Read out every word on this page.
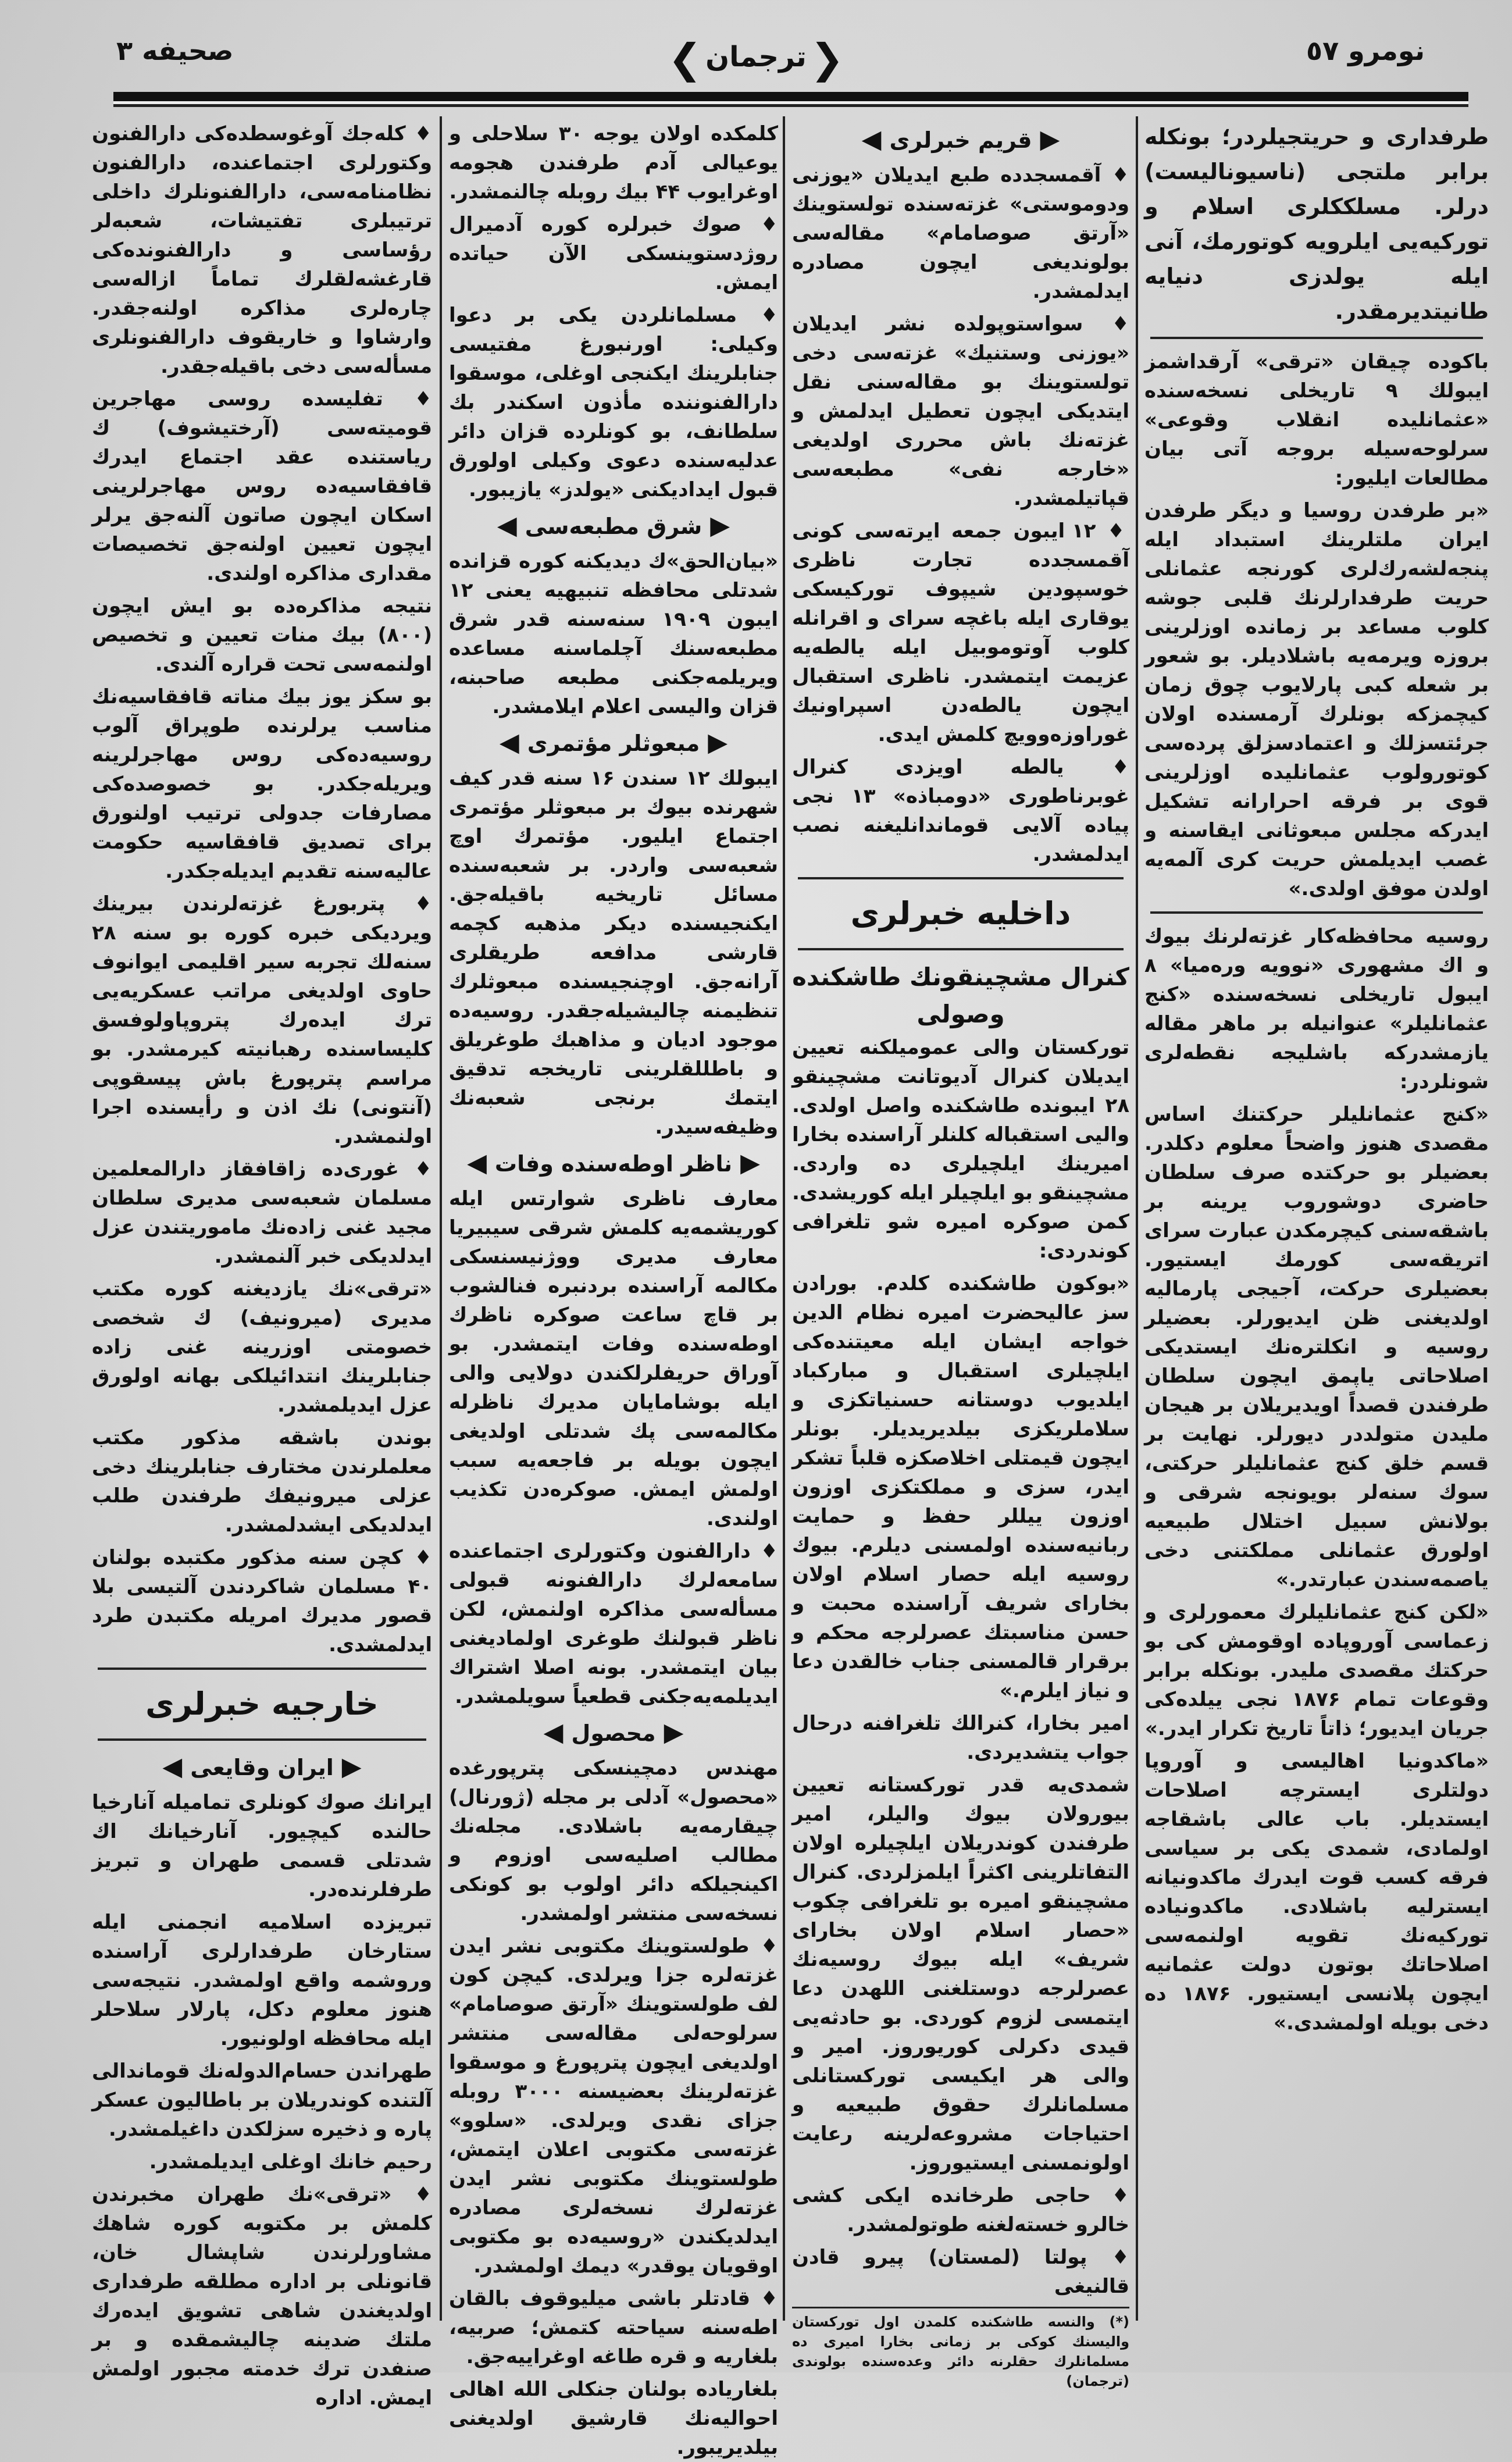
نومرو ٥٧
❮ ترجمان❯
صحیفه ٣

طرفداری و حریتجیلردر؛ بونکله برابر ملتجی (ناسیونالیست) درلر. مسلککلری اسلام و تورکیه‌یی ایلرویه کوتورمك، آنی ایله یولدزی دنیایه طانیتدیرمقدر.

باکوده چیقان «ترقی» آرقداشمز ایبولك ۹ تاریخلی نسخه‌سنده «عثمانلیده انقلاب وقوعی» سرلوحه‌سیله بروجه آتی بیان مطالعات ایلیور:

«بر طرفدن روسیا و دیگر طرفدن ایران ملتلرینك استبداد ایله پنجه‌لشه‌رك‌لری کورنجه عثمانلی حریت طرفدارلرنك قلبی جوشه کلوب مساعد بر زمانده اوزلرینی بروزه ویرمه‌یه باشلادیلر. بو شعور بر شعله کبی پارلایوب چوق زمان کیچمزکه بونلرك آرمسنده اولان جرئتسزلك و اعتمادسزلق پرده‌سی کوتورولوب عثمانلیده اوزلرینی قوی بر فرقه احرارانه تشکیل ایدرکه مجلس مبعوثانی ایقاسنه و غصب ایدیلمش حریت کری آلمه‌یه اولدن موفق اولدی.»

روسیه محافظه‌کار غزته‌لرنك بیوك و اك مشهوری «نوویه وره‌میا» ۸ ایبول تاریخلی نسخه‌سنده «کنج عثمانلیلر» عنوانیله بر ماهر مقاله یازمشدرکه باشلیجه نقطه‌لری شونلردر:

«کنج عثمانلیلر حرکتنك اساس مقصدی هنوز واضحاً معلوم دکلدر. بعضیلر بو حرکتده صرف سلطان حاضری دوشوروب یرینه بر باشقه‌سنی کیچرمکدن عبارت سرای اتریقه‌سی کورمك ایستیور. بعضیلری حرکت، آجیجی پارمالیه اولدیغنی ظن ایدیورلر. بعضیلر روسیه و انکلتره‌نك ایستدیکی اصلاحاتی یاپمق ایچون سلطان طرفندن قصداً اویدیریلان بر هیجان ملیدن متولددر دیورلر. نهایت بر قسم خلق کنج عثمانلیلر حرکتی، سوك سنه‌لر بویونجه شرقی و بولانش سبیل اختلال طبیعیه اولورق عثمانلی مملکتنی دخی یاصمه‌سندن عبارتدر.»

«لکن کنج عثمانلیلرك معمورلری و زعماسی آوروپاده اوقومش کی بو حرکتك مقصدی ملیدر. بونکله برابر وقوعات تمام ۱۸۷۶ نجی ییلده‌کی جریان ایدیور؛ ذاتاً تاریخ تکرار ایدر.»

«ماکدونیا اهالیسی و آوروپا دولتلری ایسترچه اصلاحات ایستدیلر. باب عالی باشقاجه اولمادی، شمدی یکی بر سیاسی فرقه کسب قوت ایدرك ماکدونیانه ایسترلیه باشلادی. ماکدونیاده تورکیه‌نك تقویه اولنمه‌سی اصلاحاتك بوتون دولت عثمانیه ایچون پلانسی ایستیور. ۱۸۷۶ ده دخی بویله اولمشدی.»

▶قریم خبرلری◀

♦ آقمسجدده طبع ایدیلان «یوزنی ودوموستی» غزته‌سنده تولستوینك «آرتق صوصامام» مقاله‌سی بولوندیغی ایچون مصادره ایدلمشدر.

♦ سواستوپولده نشر ایدیلان «یوزنی وستنیك» غزته‌سی دخی تولستوینك بو مقاله‌سنی نقل ایتدیکی ایچون تعطیل ایدلمش و غزته‌نك باش محرری اولدیغی «خارجه نفی» مطبعه‌سی قپاتیلمشدر.

♦ ۱۲ ایبون جمعه ایرته‌سی کونی آقمسجدده تجارت ناظری خوسپودین شیپوف تورکیسکی یوقاری ایله باغچه سرای و اقرانله کلوب آوتوموبیل ایله یالطه‌یه عزیمت ایتمشدر. ناظری استقبال ایچون یالطه‌دن اسپراونیك غوراوزه‌وویچ کلمش ایدی.

♦ یالطه اویزدی کنرال غوبرناطوری «دومباذه» ۱۳ نجی پیاده آلایی قوماندانلیغنه نصب ایدلمشدر.

داخلیه خبرلری
کنرال مشچینقونك طاشکنده وصولی

تورکستان والی عمومیلکنه تعیین ایدیلان کنرال آدیوتانت مشچینقو ۲۸ ایبونده طاشکنده واصل اولدی. والیی استقباله کلنلر آراسنده بخارا امیرینك ایلچیلری ده واردی. مشچینقو بو ایلچیلر ایله کوریشدی. کمن صوکره امیره شو تلغرافی کوندردی:

«بوکون طاشکنده کلدم. بورادن سز عالیحضرت امیره نظام الدین خواجه ایشان ایله معیتنده‌کی ایلچیلری استقبال و مبارکباد ایلدیوب دوستانه حسنیاتکزی و سلاملریکزی بیلدیریدیلر. بونلر ایچون قیمتلی اخلاصکزه قلباً تشکر ایدر، سزی و مملکتکزی اوزون اوزون ییللر حفظ و حمایت ربانیه‌سنده اولمسنی دیلرم. بیوك روسیه ایله حصار اسلام اولان بخارای شریف آراسنده محبت و حسن مناسبتك عصرلرجه محکم و برقرار قالمسنی جناب خالقدن دعا و نیاز ایلرم.»

امیر بخارا، کنرالك تلغرافنه درحال جواب یتشدیردی.

شمدی‌یه قدر تورکستانه تعیین بیورولان بیوك والیلر، امیر طرفندن کوندریلان ایلچیلره اولان التفاتلرینی اکثراً ایلمزلردی. کنرال مشچینقو امیره بو تلغرافی چکوب «حصار اسلام اولان بخارای شریف» ایله بیوك روسیه‌نك عصرلرجه دوستلغنی اللهدن دعا ایتمسی لزوم کوردی. بو حادثه‌یی قیدی دکرلی کوریوروز. امیر و والی هر ایکیسی تورکستانلی مسلمانلرك حقوق طبیعیه و احتیاجات مشروعه‌لرینه رعایت اولونمسنی ایستیوروز.

♦ حاجی طرخانده ایکی کشی خالرو خسته‌لغنه طوتولمشدر.

♦ پولتا (لمستان) پیرو قادن قالنیغی

(*) والنسه طاشکنده کلمدن اول تورکستان والیسنك کوکی بر زمانی بخارا امیری ده مسلمانلرك حقلرنه دائر وعده‌سنده بولوندی (ترجمان)

کلمکده اولان یوجه ۳۰ سلاحلی و یوعیالی آدم طرفندن هجومه اوغرایوب ۴۴ بیك روبله چالنمشدر.

♦ صوك خبرلره کوره آدمیرال روژدستوینسکی الآن حیاتده ایمش.

♦ مسلمانلردن یکی بر دعوا وکیلی: اورنبورغ مفتیسی جنابلرینك ایکنجی اوغلی، موسقوا دارالفنوننده مأذون اسکندر بك سلطانف، بو کونلرده قزان دائر عدلیه‌سنده دعوی وکیلی اولورق قبول ایدادیکنی «یولدز» یازیبور.

▶شرق مطبعه‌سی◀

«بیان‌الحق»ك دیدیکنه کوره قزانده شدتلی محافظه تنبیهیه یعنی ۱۲ ایبون ۱۹۰۹ سنه‌سنه قدر شرق مطبعه‌سنك آچلماسنه مساعده ویریلمه‌جکنی مطبعه صاحبنه، قزان والیسی اعلام ایلامشدر.

▶مبعوثلر مؤتمری◀

ایبولك ۱۲ سندن ۱۶ سنه قدر کیف شهرنده بیوك بر مبعوثلر مؤتمری اجتماع ایلیور. مؤتمرك اوچ شعبه‌سی واردر. بر شعبه‌سنده مسائل تاریخیه باقیله‌جق. ایکنجیسنده دیکر مذهبه کچمه قارشی مدافعه طریقلری آرانه‌جق. اوچنجیسنده مبعوثلرك تنظیمنه چالیشیله‌جقدر. روسیه‌ده موجود ادیان و مذاهبك طوغریلق و باطللقلرینی تاریخجه تدقیق ایتمك برنجی شعبه‌نك وظیفه‌سیدر.

▶ناظر اوطه‌سنده وفات◀

معارف ناظری شوارتس ایله کوریشمه‌یه کلمش شرقی سیبیریا معارف مدیری ووژنیسنسکی مکالمه آراسنده بردنبره فنالشوب بر قاچ ساعت صوکره ناظرك اوطه‌سنده وفات ایتمشدر. بو آوراق حریفلرلکندن دولایی والی ایله بوشامایان مدیرك ناظرله مکالمه‌سی پك شدتلی اولدیغی ایچون بویله بر فاجعه‌یه سبب اولمش ایمش. صوکره‌دن تکذیب اولندی.

♦ دارالفنون وکتورلری اجتماعنده سامعه‌لرك دارالفنونه قبولی مسأله‌سی مذاکره اولنمش، لکن ناظر قبولنك طوغری اولمادیغنی بیان ایتمشدر. بونه اصلا اشتراك ایدیلمه‌یه‌جکنی قطعیاً سویلمشدر.

▶محصول◀

مهندس دمچینسکی پترپورغده «محصول» آدلی بر مجله (ژورنال) چیقارمه‌یه باشلادی. مجله‌نك مطالب اصلیه‌سی اوزوم و اکینجیلکه دائر اولوب بو کونکی نسخه‌سی منتشر اولمشدر.

♦ طولستوینك مکتوبی نشر ایدن غزته‌لره جزا ویرلدی. کیچن کون لف طولستوینك «آرتق صوصامام» سرلوحه‌لی مقاله‌سی منتشر اولدیغی ایچون پترپورغ و موسقوا غزته‌لرینك بعضیسنه ۳۰۰۰ روبله جزای نقدی ویرلدی. «سلوو» غزته‌سی مکتوبی اعلان ایتمش، طولستوینك مکتوبی نشر ایدن غزته‌لرك نسخه‌لری مصادره ایدلدیکندن «روسیه‌ده بو مکتوبی اوقویان یوقدر» دیمك اولمشدر.

♦ قادتلر باشی میلیوقوف بالقان اطه‌سنه سیاحته کتمش؛ صربیه، بلغاریه و قره طاغه اوغراییه‌جق.

بلغاریاده بولنان جنکلی الله اهالی احوالیه‌نك قارشیق اولدیغنی بیلدیریبور.

♦ کله‌جك آوغوسطده‌کی دارالفنون وکتورلری اجتماعنده، دارالفنون نظامنامه‌سی، دارالفنونلرك داخلی ترتیبلری تفتیشات، شعبه‌لر رؤساسی و دارالفنونده‌کی قارغشه‌لقلرك تماماً ازاله‌سی چاره‌لری مذاکره اولنه‌جقدر. وارشاوا و خاریقوف دارالفنونلری مسأله‌سی دخی باقیله‌جقدر.

♦ تفلیسده روسی مهاجرین قومیته‌سی (آرختیشوف) ك ریاستنده عقد اجتماع ایدرك قافقاسیه‌ده روس مهاجرلرینی اسکان ایچون صاتون آلنه‌جق یرلر ایچون تعیین اولنه‌جق تخصیصات مقداری مذاکره اولندی.

نتیجه مذاکره‌ده بو ایش ایچون (۸۰۰) بیك منات تعیین و تخصیص اولنمه‌سی تحت قراره آلندی.

بو سکز یوز بیك مناته قافقاسیه‌نك مناسب یرلرنده طوپراق آلوب روسیه‌ده‌کی روس مهاجرلرینه ویریله‌جکدر. بو خصوصده‌کی مصارفات جدولی ترتیب اولنورق برای تصدیق قافقاسیه حکومت عالیه‌سنه تقدیم ایدیله‌جکدر.

♦ پتربورغ غزته‌لرندن بیرینك ویردیکی خبره کوره بو سنه ۲۸ سنه‌لك تجربه سیر اقلیمی ایوانوف حاوی اولدیغی مراتب عسکریه‌یی ترك ایده‌رك پتروپاولوفسق کلیساسنده رهبانیته کیرمشدر. بو مراسم پترپورغ باش پیسقوپی (آنتونی) نك اذن و رأیسنده اجرا اولنمشدر.

♦ غوری‌ده زاقافقاز دارالمعلمین مسلمان شعبه‌سی مدیری سلطان مجید غنی زاده‌نك ماموریتندن عزل ایدلدیکی خبر آلنمشدر.

«ترقی»نك یازدیغنه کوره مکتب مدیری (میرونیف) ك شخصی خصومتی اوزرینه غنی زاده جنابلرینك انتدائیلکی بهانه اولورق عزل ایدیلمشدر.

بوندن باشقه مذکور مکتب معلملرندن مختارف جنابلرینك دخی عزلی میرونیفك طرفندن طلب ایدلدیکی ایشدلمشدر.

♦ کچن سنه مذکور مکتبده بولنان ۴۰ مسلمان شاکردندن آلتیسی بلا قصور مدیرك امریله مکتبدن طرد ایدلمشدی.

خارجیه خبرلری
▶ایران وقایعی◀

ایرانك صوك کونلری تمامیله آنارخیا حالنده کیچیور. آنارخیانك اك شدتلی قسمی طهران و تبریز طرفلرنده‌در.

تبریزده اسلامیه انجمنی ایله ستارخان طرفدارلری آراسنده وروشمه واقع اولمشدر. نتیجه‌سی هنوز معلوم دکل، پارلار سلاحلر ایله محافظه اولونیور.

طهراندن حسام‌الدوله‌نك قوماندالی آلتنده کوندریلان بر باطالیون عسکر پاره و ذخیره سزلکدن داغیلمشدر.

رحیم خانك اوغلی ایدیلمشدر.

♦ «ترقی»نك طهران مخبرندن کلمش بر مکتوبه کوره شاهك مشاورلرندن شاپشال خان، قانونلی بر اداره مطلقه طرفداری اولدیغندن شاهی تشویق ایده‌رك ملتك ضدینه چالیشمقده و بر صنفدن ترك خدمته مجبور اولمش ایمش. اداره
